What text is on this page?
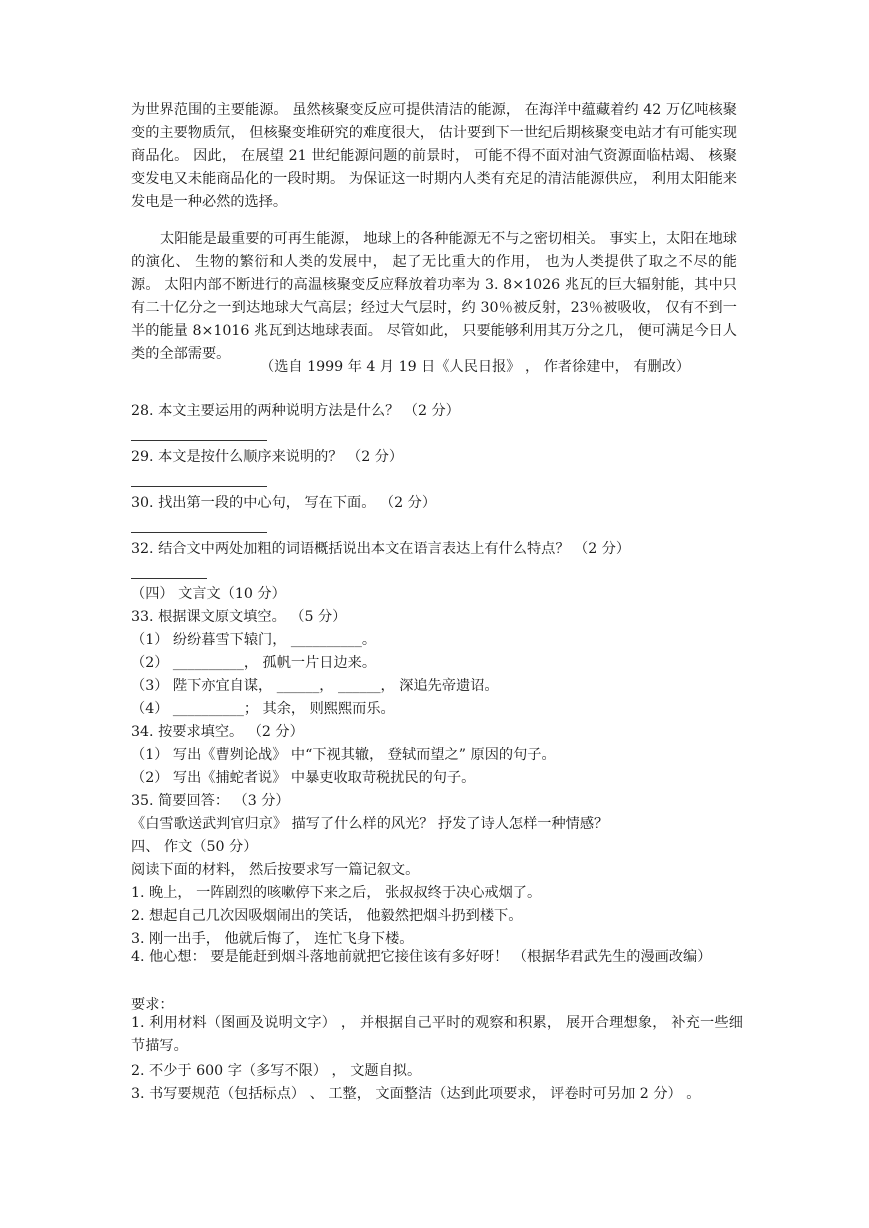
为世界范围的主要能源。 虽然核聚变反应可提供清洁的能源， 在海洋中蕴藏着约 42 万亿吨核聚变的主要物质氘， 但核聚变堆研究的难度很大， 估计要到下一世纪后期核聚变电站才有可能实现商品化。 因此， 在展望 21 世纪能源问题的前景时， 可能不得不面对油气资源面临枯竭、 核聚变发电又未能商品化的一段时期。 为保证这一时期内人类有充足的清洁能源供应， 利用太阳能来发电是一种必然的选择。

太阳能是最重要的可再生能源， 地球上的各种能源无不与之密切相关。 事实上，太阳在地球的演化、 生物的繁衍和人类的发展中， 起了无比重大的作用， 也为人类提供了取之不尽的能源。 太阳内部不断进行的高温核聚变反应释放着功率为 3. 8×1026 兆瓦的巨大辐射能，其中只有二十亿分之一到达地球大气高层；经过大气层时，约 30％被反射，23％被吸收， 仅有不到一半的能量 8×1016 兆瓦到达地球表面。 尽管如此， 只要能够利用其万分之几， 便可满足今日人类的全部需要。

（选自 1999 年 4 月 19 日《人民日报》 ， 作者徐建中， 有删改）
28. 本文主要运用的两种说明方法是什么？ （2 分）
29. 本文是按什么顺序来说明的？ （2 分）
30. 找出第一段的中心句， 写在下面。 （2 分）
32. 结合文中两处加粗的词语概括说出本文在语言表达上有什么特点？ （2 分）
（四） 文言文（10 分）
33. 根据课文原文填空。 （5 分）
（1） 纷纷暮雪下辕门， __________。
（2） __________， 孤帆一片日边来。
（3） 陛下亦宜自谋， ______， ______， 深追先帝遗诏。
（4） __________； 其余， 则熙熙而乐。
34. 按要求填空。 （2 分）
（1） 写出《曹刿论战》 中“下视其辙， 登轼而望之” 原因的句子。
（2） 写出《捕蛇者说》 中暴吏收取苛税扰民的句子。
35. 简要回答： （3 分）
《白雪歌送武判官归京》 描写了什么样的风光？ 抒发了诗人怎样一种情感？
四、 作文（50 分）
阅读下面的材料， 然后按要求写一篇记叙文。
1. 晚上， 一阵剧烈的咳嗽停下来之后， 张叔叔终于决心戒烟了。
2. 想起自己几次因吸烟闹出的笑话， 他毅然把烟斗扔到楼下。
3. 刚一出手， 他就后悔了， 连忙飞身下楼。
4. 他心想： 要是能赶到烟斗落地前就把它接住该有多好呀！ （根据华君武先生的漫画改编）
要求：
1. 利用材料（图画及说明文字） ， 并根据自己平时的观察和积累， 展开合理想象， 补充一些细节描写。
2. 不少于 600 字（多写不限） ， 文题自拟。
3. 书写要规范（包括标点） 、 工整， 文面整洁（达到此项要求， 评卷时可另加 2 分） 。
